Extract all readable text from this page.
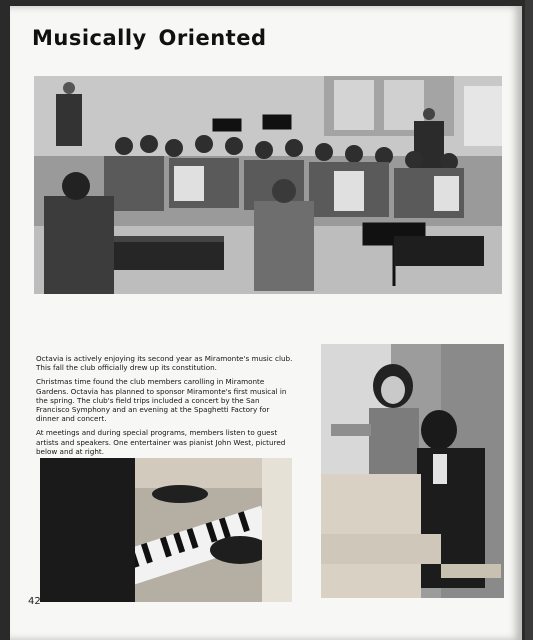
Musically Oriented

Octavia is actively enjoying its second year as Miramonte's music club. This fall the club officially drew up its constitution.

Christmas time found the club members carolling in Miramonte Gardens. Octavia has planned to sponsor Miramonte's first musical in the spring. The club's field trips included a concert by the San Francisco Symphony and an evening at the Spaghetti Factory for dinner and concert.

At meetings and during special programs, members listen to guest artists and speakers. One entertainer was pianist John West, pictured below and at right.

42
